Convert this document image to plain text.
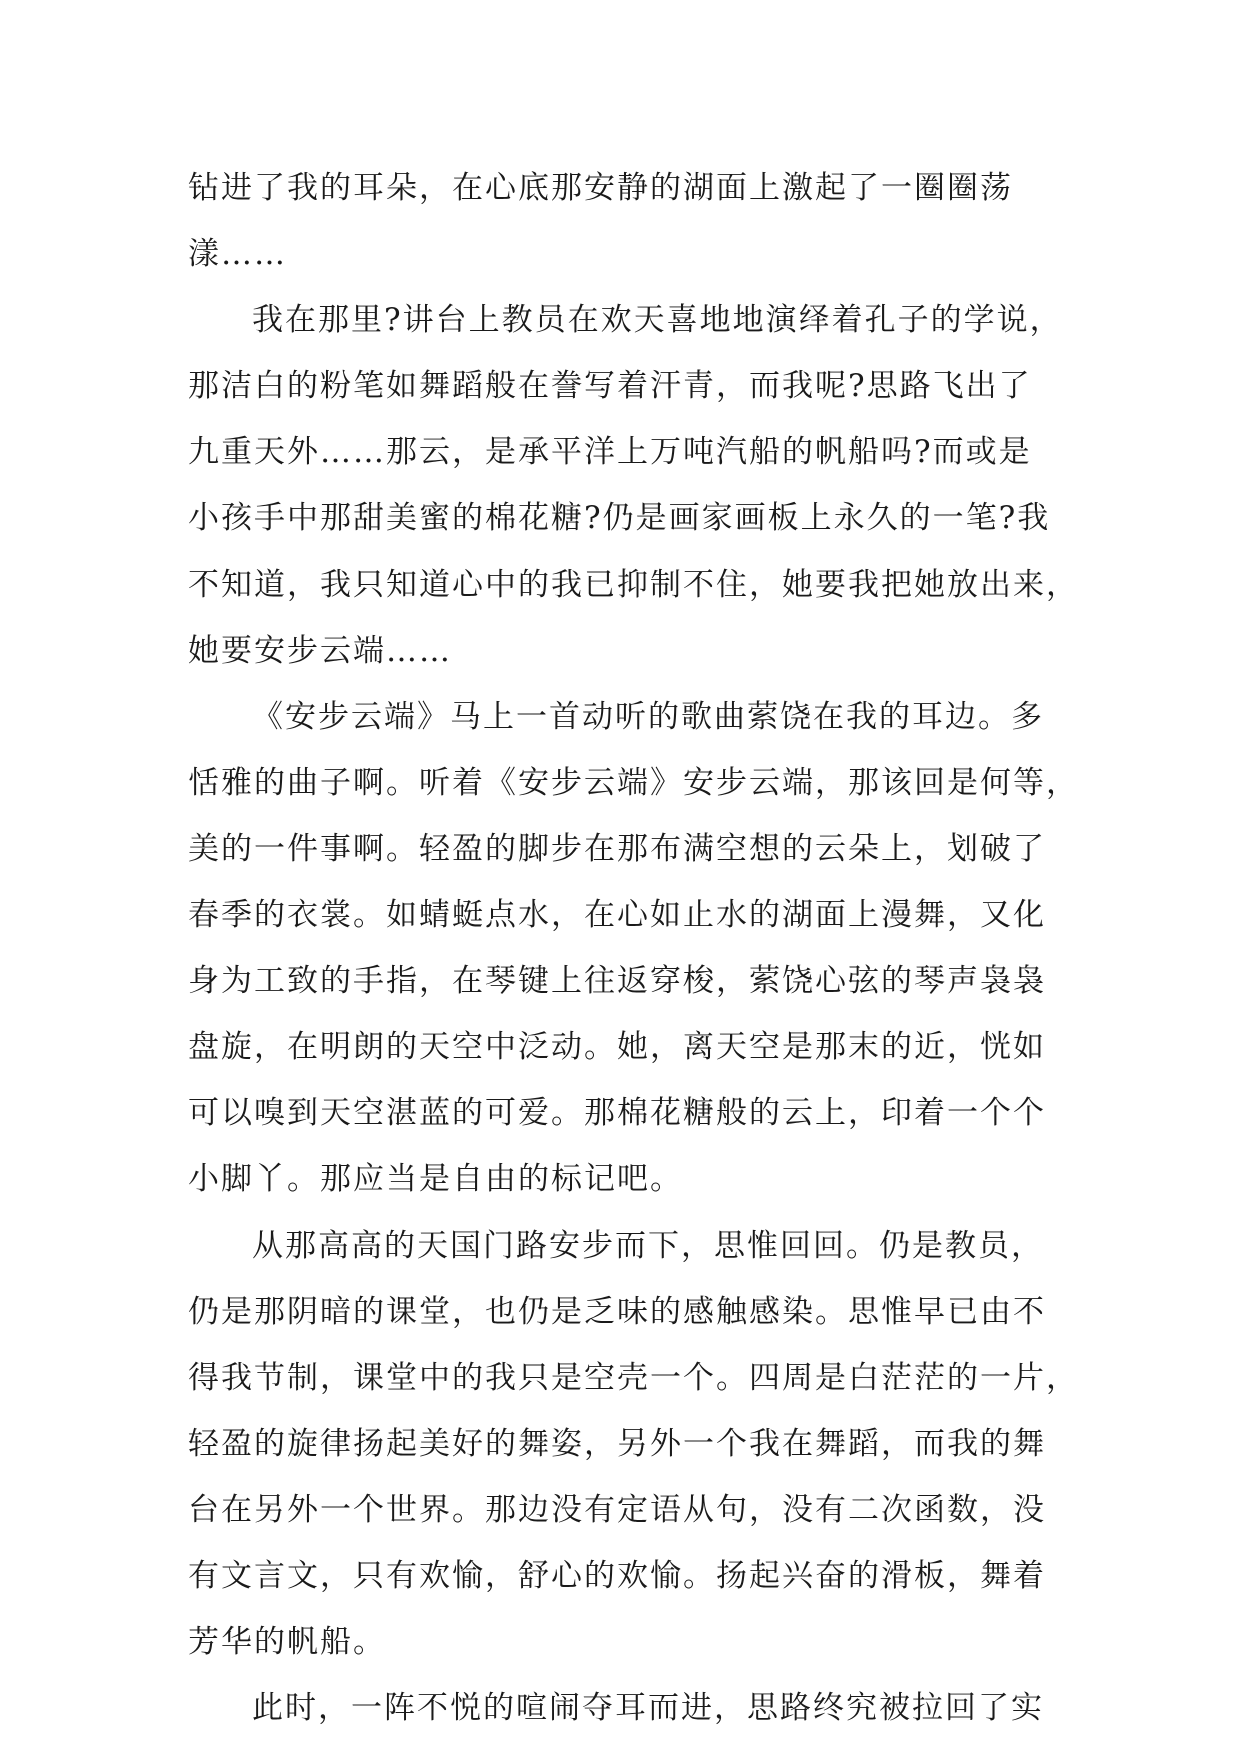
钻进了我的耳朵，在心底那安静的湖面上激起了一圈圈荡
漾……
我在那里?讲台上教员在欢天喜地地演绎着孔子的学说，
那洁白的粉笔如舞蹈般在誊写着汗青，而我呢?思路飞出了
九重天外……那云，是承平洋上万吨汽船的帆船吗?而或是
小孩手中那甜美蜜的棉花糖?仍是画家画板上永久的一笔?我
不知道，我只知道心中的我已抑制不住，她要我把她放出来，
她要安步云端……
《安步云端》马上一首动听的歌曲萦饶在我的耳边。多
恬雅的曲子啊。听着《安步云端》安步云端，那该回是何等，
美的一件事啊。轻盈的脚步在那布满空想的云朵上，划破了
春季的衣裳。如蜻蜓点水，在心如止水的湖面上漫舞，又化
身为工致的手指，在琴键上往返穿梭，萦饶心弦的琴声袅袅
盘旋，在明朗的天空中泛动。她，离天空是那末的近，恍如
可以嗅到天空湛蓝的可爱。那棉花糖般的云上，印着一个个
小脚丫。那应当是自由的标记吧。
从那高高的天国门路安步而下，思惟回回。仍是教员，
仍是那阴暗的课堂，也仍是乏味的感触感染。思惟早已由不
得我节制，课堂中的我只是空壳一个。四周是白茫茫的一片，
轻盈的旋律扬起美好的舞姿，另外一个我在舞蹈，而我的舞
台在另外一个世界。那边没有定语从句，没有二次函数，没
有文言文，只有欢愉，舒心的欢愉。扬起兴奋的滑板，舞着
芳华的帆船。
此时，一阵不悦的喧闹夺耳而进，思路终究被拉回了实
